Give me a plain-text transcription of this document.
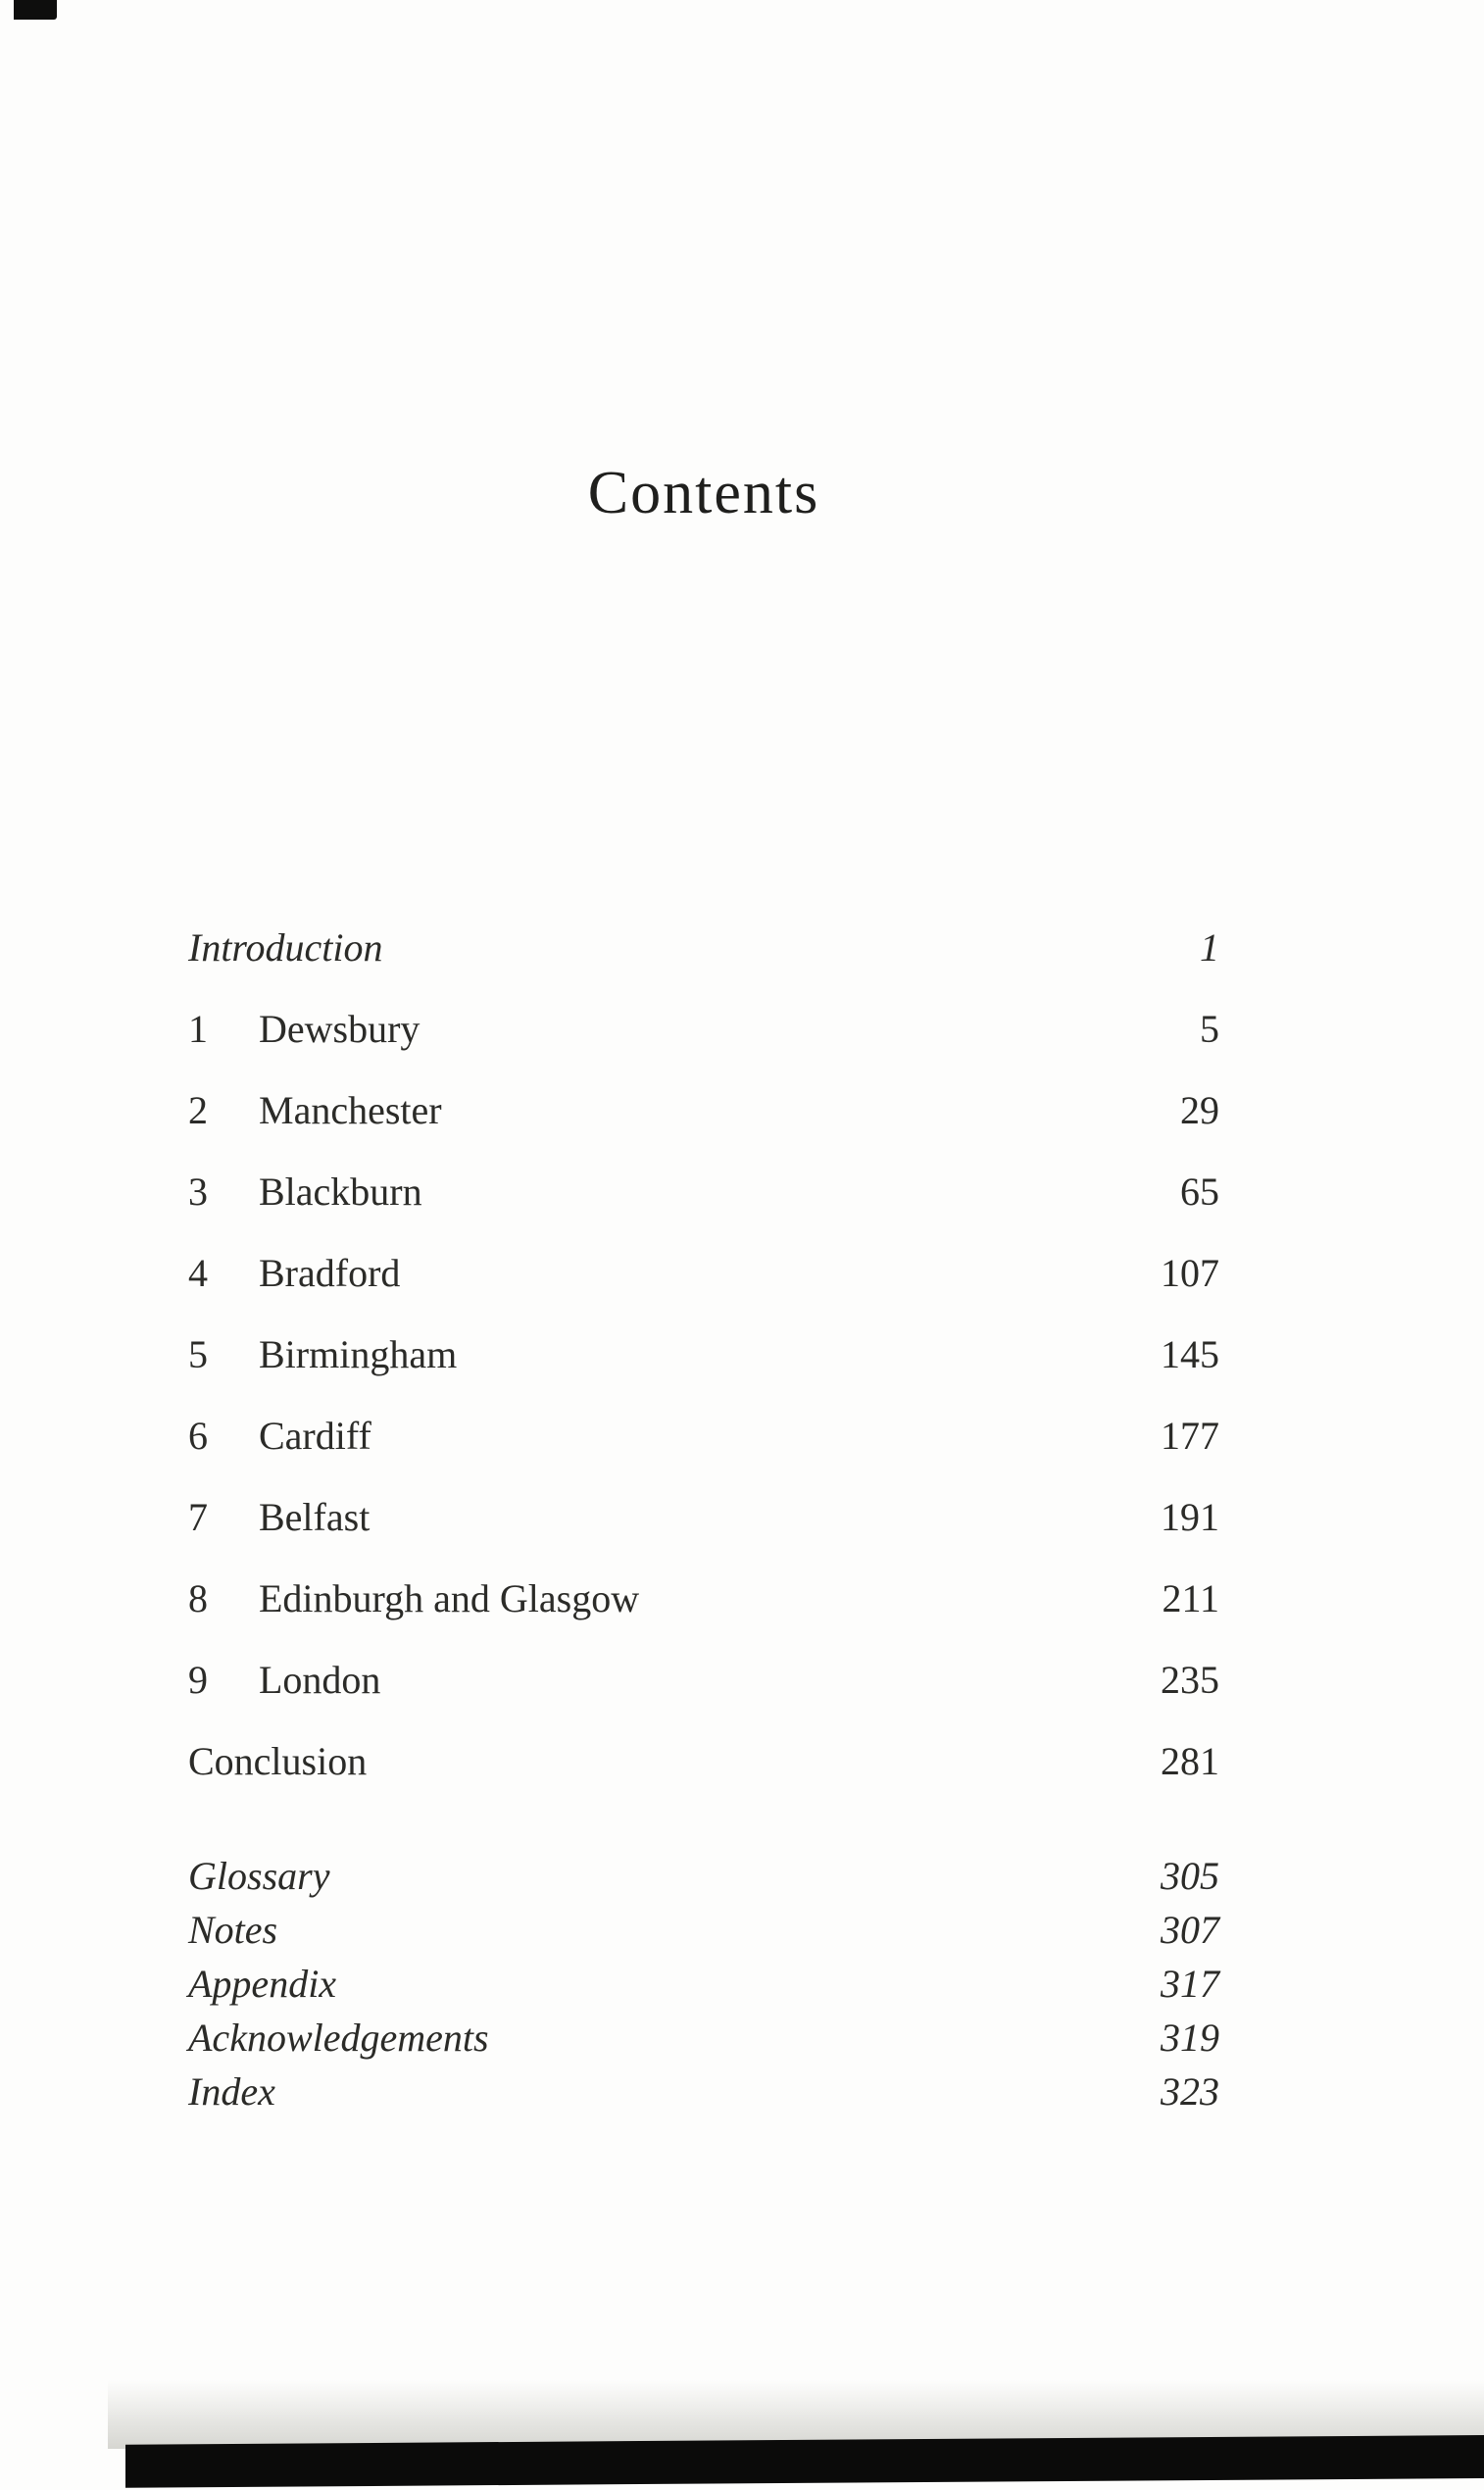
Contents
Introduction	1
1	Dewsbury	5
2	Manchester	29
3	Blackburn	65
4	Bradford	107
5	Birmingham	145
6	Cardiff	177
7	Belfast	191
8	Edinburgh and Glasgow	211
9	London	235
Conclusion	281
Glossary	305
Notes	307
Appendix	317
Acknowledgements	319
Index	323
